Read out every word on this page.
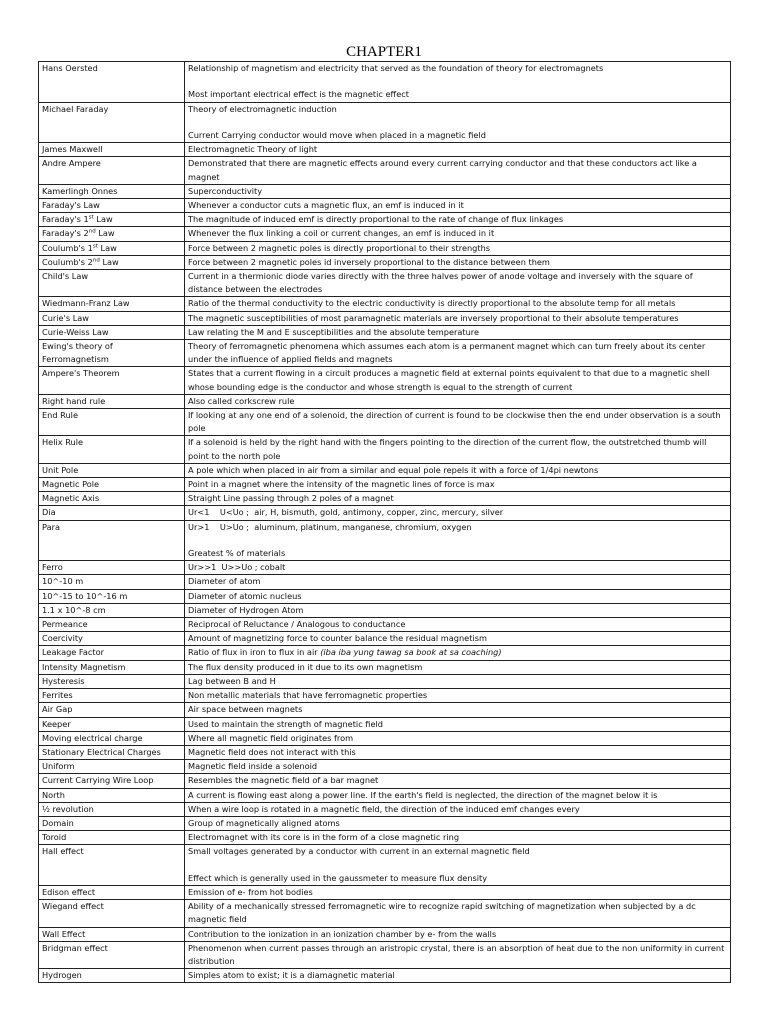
CHAPTER1
Hans Oersted	Relationship of magnetism and electricity that served as the foundation of theory for electromagnets
Most important electrical effect is the magnetic effect
Michael Faraday	Theory of electromagnetic induction
Current Carrying conductor would move when placed in a magnetic field
James Maxwell	Electromagnetic Theory of light
Andre Ampere	Demonstrated that there are magnetic effects around every current carrying conductor and that these conductors act like a magnet
Kamerlingh Onnes	Superconductivity
Faraday's Law	Whenever a conductor cuts a magnetic flux, an emf is induced in it
Faraday's 1st Law	The magnitude of induced emf is directly proportional to the rate of change of flux linkages
Faraday's 2nd Law	Whenever the flux linking a coil or current changes, an emf is induced in it
Coulumb's 1st Law	Force between 2 magnetic poles is directly proportional to their strengths
Coulumb's 2nd Law	Force between 2 magnetic poles id inversely proportional to the distance between them
Child's Law	Current in a thermionic diode varies directly with the three halves power of anode voltage and inversely with the square of distance between the electrodes
Wiedmann-Franz Law	Ratio of the thermal conductivity to the electric conductivity is directly proportional to the absolute temp for all metals
Curie's Law	The magnetic susceptibilities of most paramagnetic materials are inversely proportional to their absolute temperatures
Curie-Weiss Law	Law relating the M and E susceptibilities and the absolute temperature
Ewing's theory of Ferromagnetism	Theory of ferromagnetic phenomena which assumes each atom is a permanent magnet which can turn freely about its center under the influence of applied fields and magnets
Ampere's Theorem	States that a current flowing in a circuit produces a magnetic field at external points equivalent to that due to a magnetic shell whose bounding edge is the conductor and whose strength is equal to the strength of current
Right hand rule	Also called corkscrew rule
End Rule	If looking at any one end of a solenoid, the direction of current is found to be clockwise then the end under observation is a south pole
Helix Rule	If a solenoid is held by the right hand with the fingers pointing to the direction of the current flow, the outstretched thumb will point to the north pole
Unit Pole	A pole which when placed in air from a similar and equal pole repels it with a force of 1/4pi newtons
Magnetic Pole	Point in a magnet where the intensity of the magnetic lines of force is max
Magnetic Axis	Straight Line passing through 2 poles of a magnet
Dia	Ur<1    U<Uo ;  air, H, bismuth, gold, antimony, copper, zinc, mercury, silver
Para	Ur>1    U>Uo ;  aluminum, platinum, manganese, chromium, oxygen
Greatest % of materials
Ferro	Ur>>1  U>>Uo ; cobalt
10^-10 m	Diameter of atom
10^-15 to 10^-16 m	Diameter of atomic nucleus
1.1 x 10^-8 cm	Diameter of Hydrogen Atom
Permeance	Reciprocal of Reluctance / Analogous to conductance
Coercivity	Amount of magnetizing force to counter balance the residual magnetism
Leakage Factor	Ratio of flux in iron to flux in air (iba iba yung tawag sa book at sa coaching)
Intensity Magnetism	The flux density produced in it due to its own magnetism
Hysteresis	Lag between B and H
Ferrites	Non metallic materials that have ferromagnetic properties
Air Gap	Air space between magnets
Keeper	Used to maintain the strength of magnetic field
Moving electrical charge	Where all magnetic field originates from
Stationary Electrical Charges	Magnetic field does not interact with this
Uniform	Magnetic field inside a solenoid
Current Carrying Wire Loop	Resembles the magnetic field of a bar magnet
North	A current is flowing east along a power line. If the earth's field is neglected, the direction of the magnet below it is
½ revolution	When a wire loop is rotated in a magnetic field, the direction of the induced emf changes every
Domain	Group of magnetically aligned atoms
Toroid	Electromagnet with its core is in the form of a close magnetic ring
Hall effect	Small voltages generated by a conductor with current in an external magnetic field
Effect which is generally used in the gaussmeter to measure flux density
Edison effect	Emission of e- from hot bodies
Wiegand effect	Ability of a mechanically stressed ferromagnetic wire to recognize rapid switching of magnetization when subjected by a dc magnetic field
Wall Effect	Contribution to the ionization in an ionization chamber by e- from the walls
Bridgman effect	Phenomenon when current passes through an aristropic crystal, there is an absorption of heat due to the non uniformity in current distribution
Hydrogen	Simples atom to exist; it is a diamagnetic material
